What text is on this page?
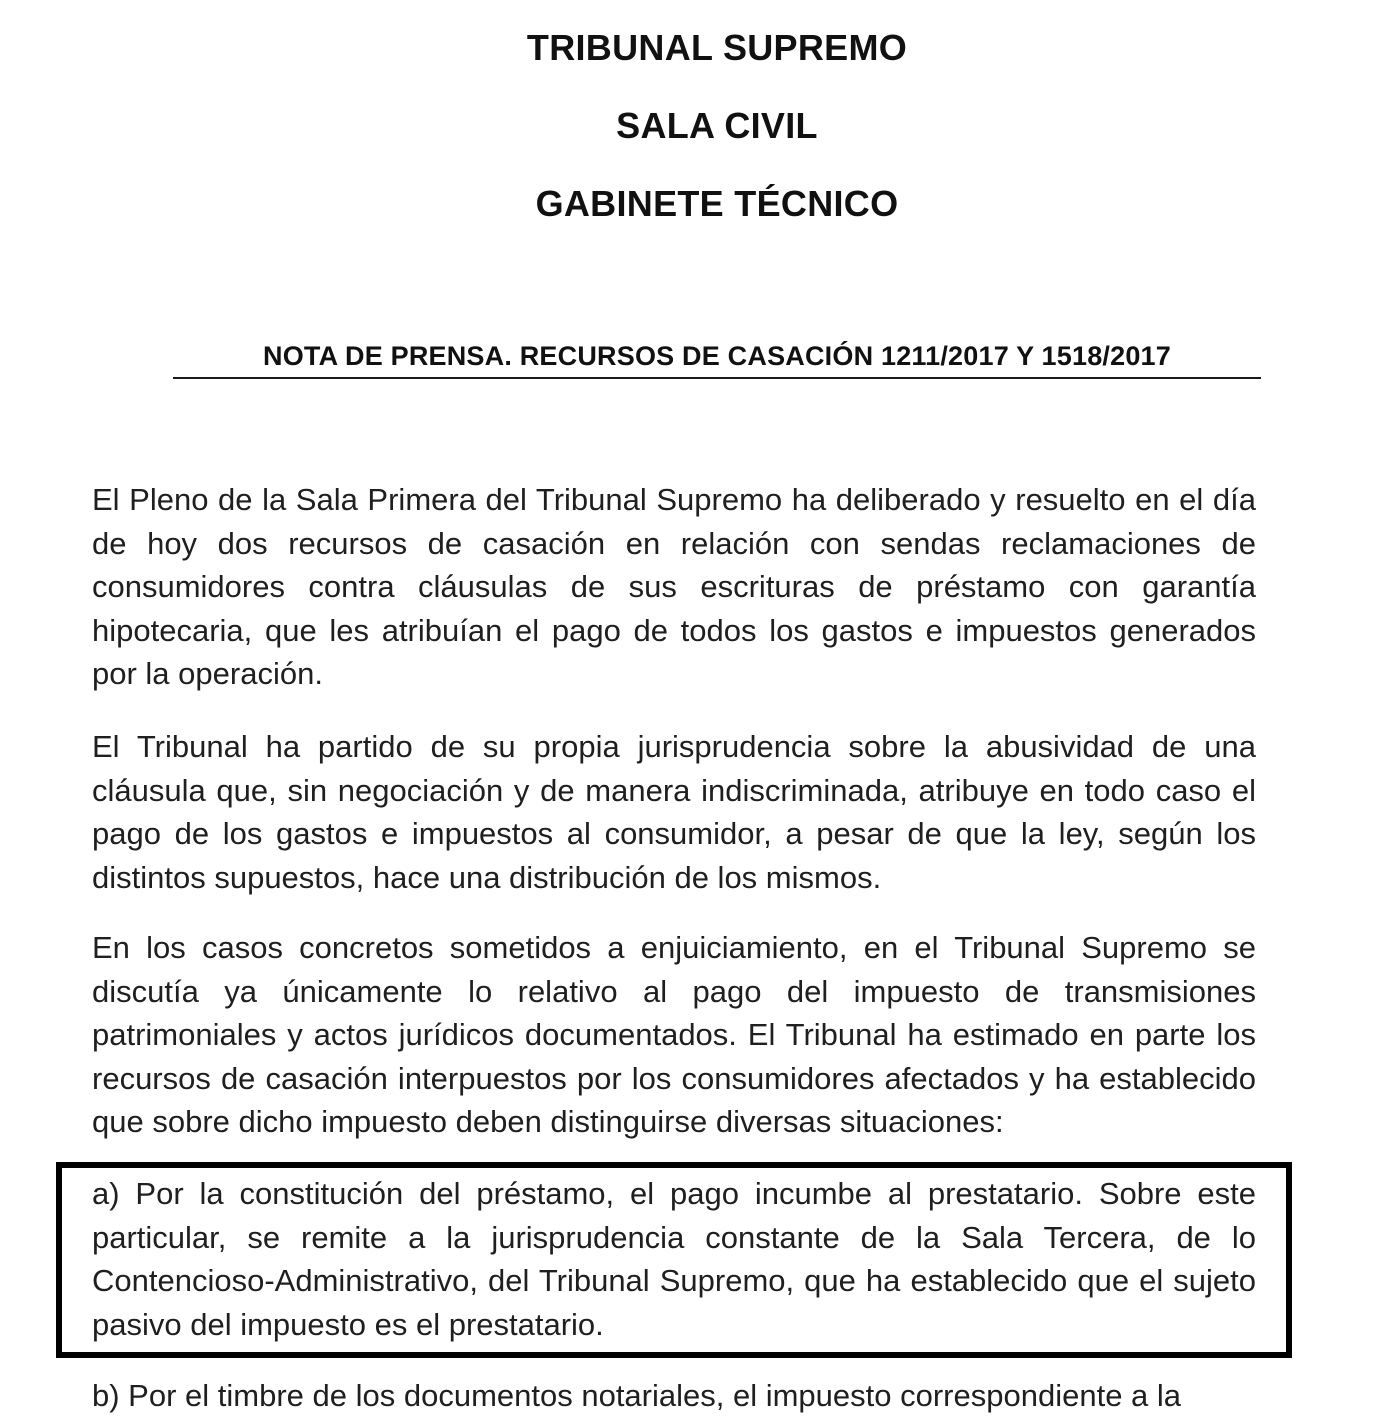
TRIBUNAL SUPREMO
SALA CIVIL
GABINETE TÉCNICO
NOTA DE PRENSA. RECURSOS DE CASACIÓN 1211/2017 Y 1518/2017

El Pleno de la Sala Primera del Tribunal Supremo ha deliberado y resuelto en el día de hoy dos recursos de casación en relación con sendas reclamaciones de consumidores contra cláusulas de sus escrituras de préstamo con garantía hipotecaria, que les atribuían el pago de todos los gastos e impuestos generados por la operación.

El Tribunal ha partido de su propia jurisprudencia sobre la abusividad de una cláusula que, sin negociación y de manera indiscriminada, atribuye en todo caso el pago de los gastos e impuestos al consumidor, a pesar de que la ley, según los distintos supuestos, hace una distribución de los mismos.

En los casos concretos sometidos a enjuiciamiento, en el Tribunal Supremo se discutía ya únicamente lo relativo al pago del impuesto de transmisiones patrimoniales y actos jurídicos documentados. El Tribunal ha estimado en parte los recursos de casación interpuestos por los consumidores afectados y ha establecido que sobre dicho impuesto deben distinguirse diversas situaciones:

a) Por la constitución del préstamo, el pago incumbe al prestatario. Sobre este particular, se remite a la jurisprudencia constante de la Sala Tercera, de lo Contencioso-Administrativo, del Tribunal Supremo, que ha establecido que el sujeto pasivo del impuesto es el prestatario.

b) Por el timbre de los documentos notariales, el impuesto correspondiente a la
